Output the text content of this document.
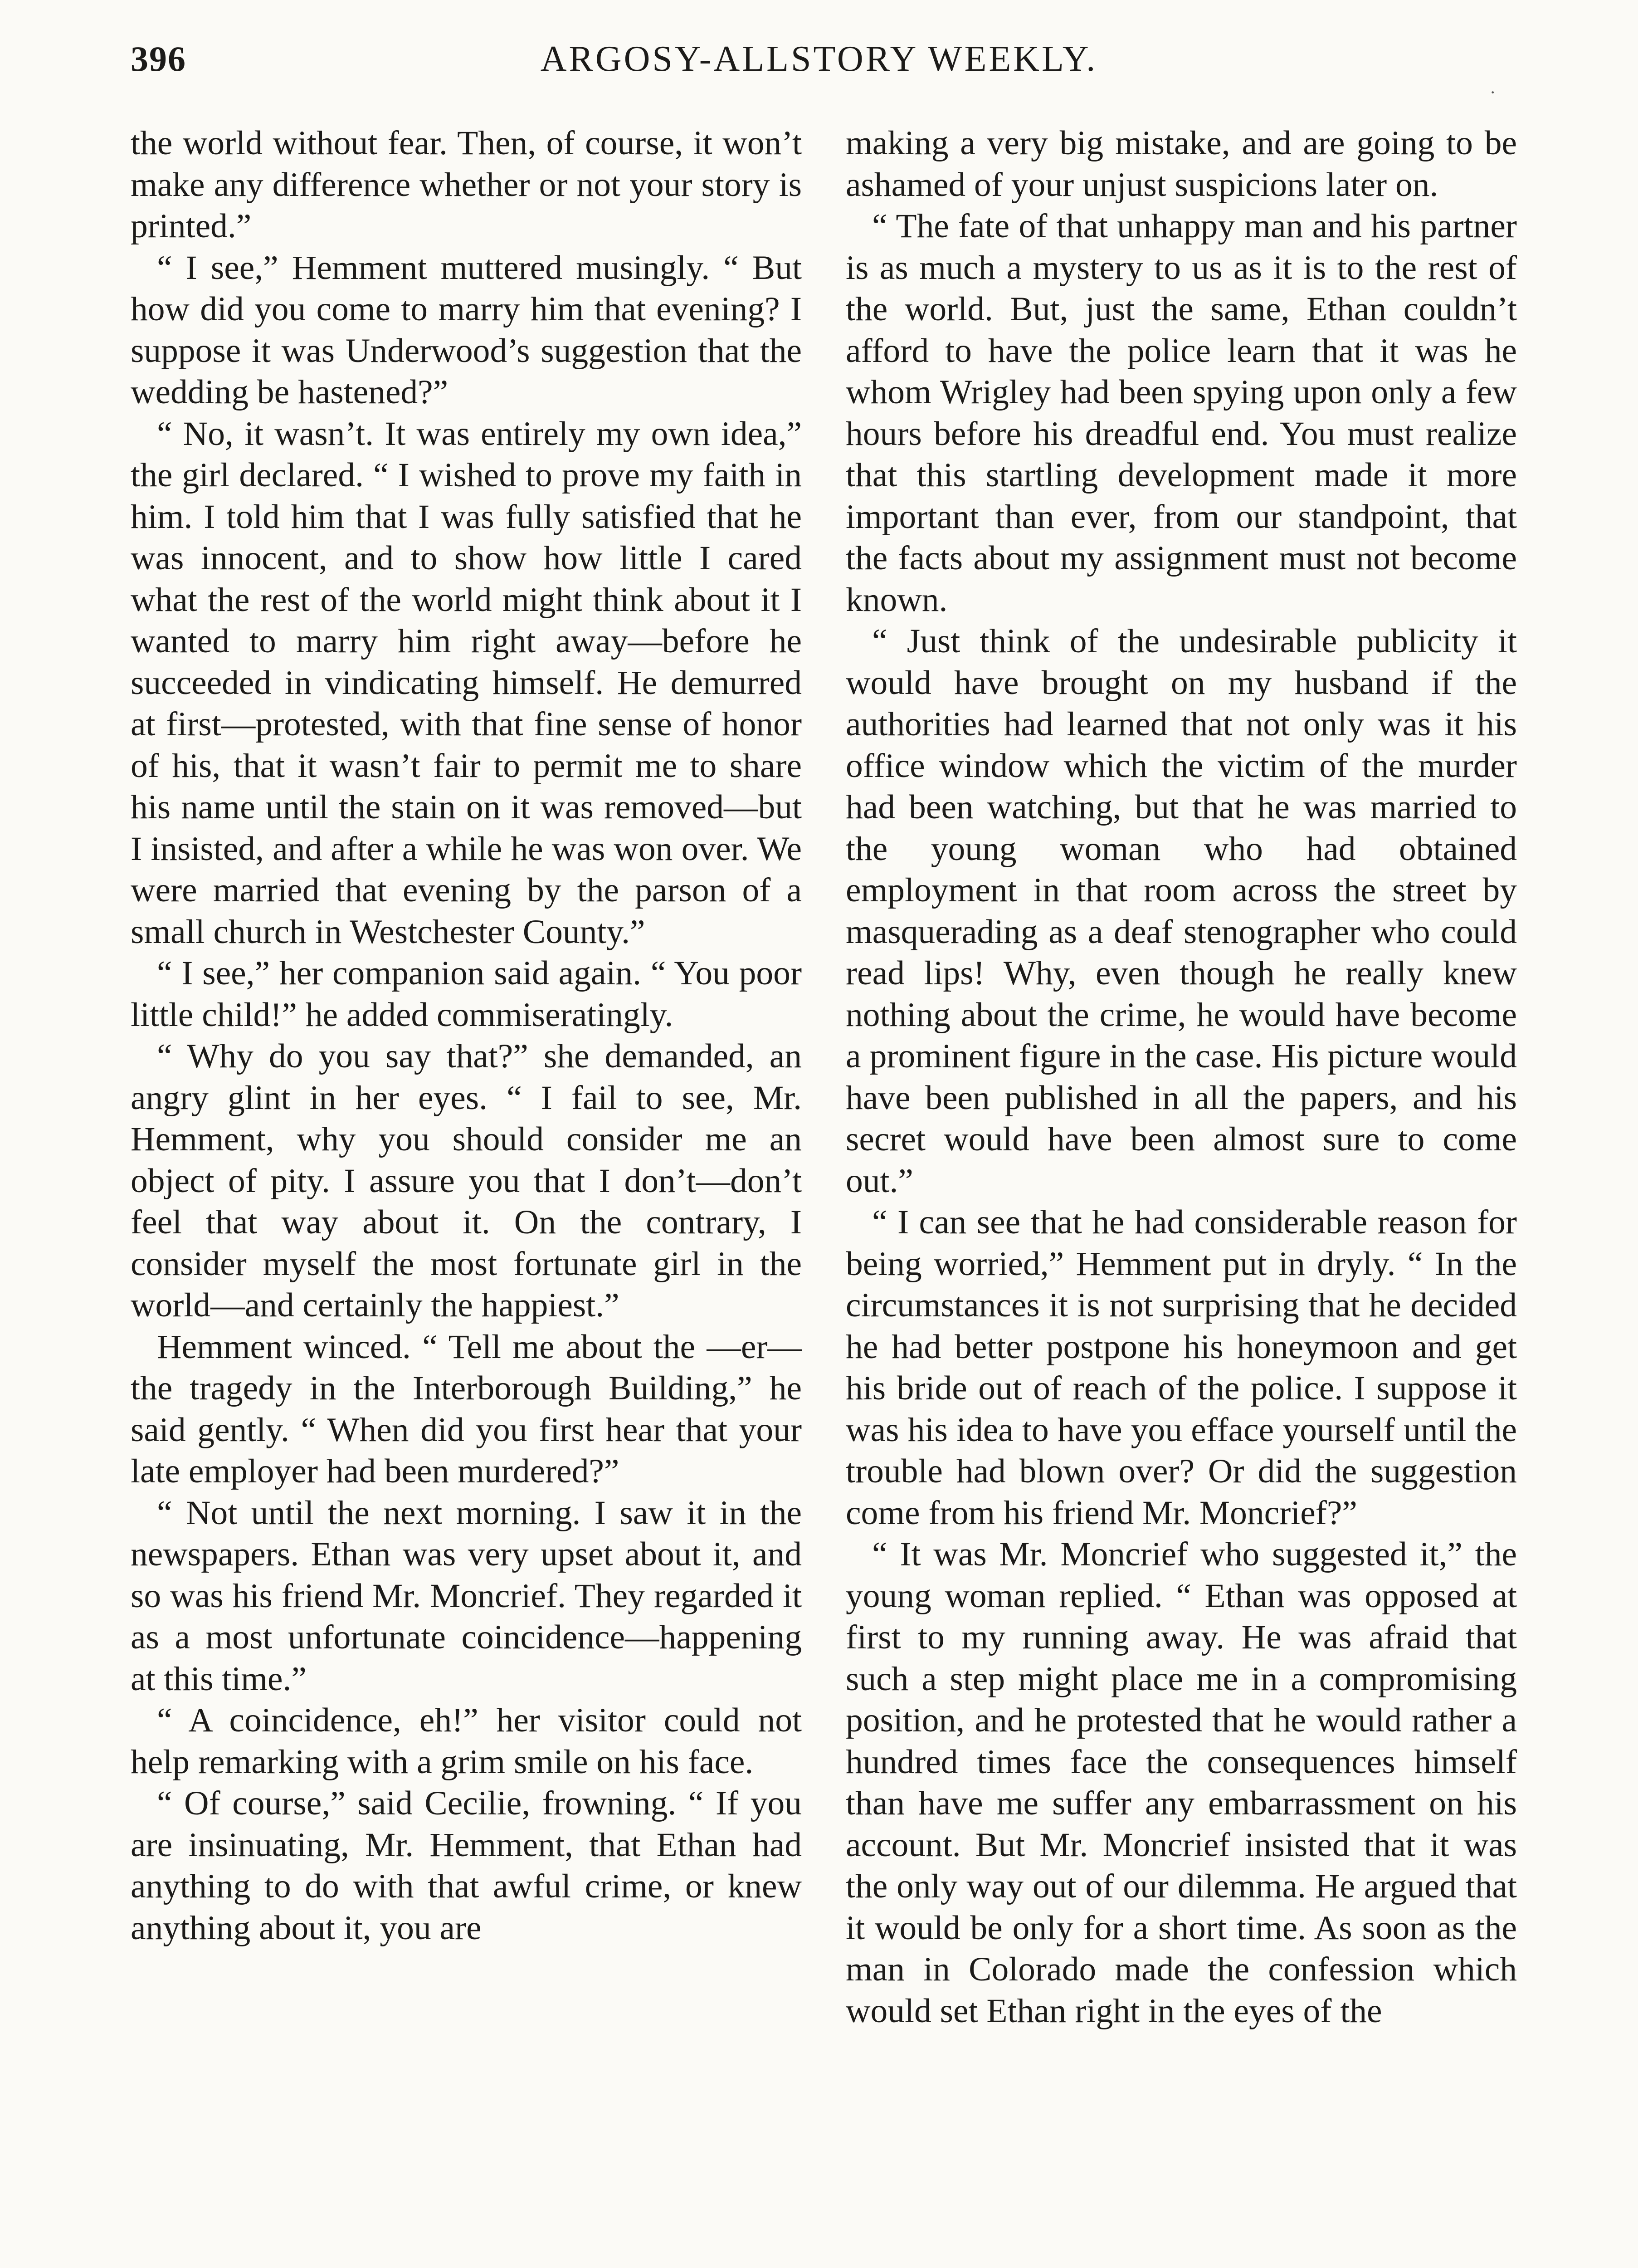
396	ARGOSY-ALLSTORY WEEKLY.
·

the world without fear. Then, of course, it won’t make any difference whether or not your story is printed.”

“ I see,” Hemment muttered musingly. “ But how did you come to marry him that evening? I suppose it was Underwood’s suggestion that the wedding be hastened?”

“ No, it wasn’t. It was entirely my own idea,” the girl declared. “ I wished to prove my faith in him. I told him that I was fully satisfied that he was innocent, and to show how little I cared what the rest of the world might think about it I wanted to marry him right away—before he succeeded in vindicating himself. He demurred at first—protested, with that fine sense of honor of his, that it wasn’t fair to permit me to share his name until the stain on it was removed—but I insisted, and after a while he was won over. We were married that evening by the parson of a small church in Westchester County.”

“ I see,” her companion said again. “ You poor little child!” he added commiseratingly.

“ Why do you say that?” she demanded, an angry glint in her eyes. “ I fail to see, Mr. Hemment, why you should consider me an object of pity. I assure you that I don’t—don’t feel that way about it. On the contrary, I consider myself the most fortunate girl in the world—and certainly the happiest.”

Hemment winced. “ Tell me about the —er—the tragedy in the Interborough Building,” he said gently. “ When did you first hear that your late employer had been murdered?”

“ Not until the next morning. I saw it in the newspapers. Ethan was very upset about it, and so was his friend Mr. Moncrief. They regarded it as a most unfortunate coincidence—happening at this time.”

“ A coincidence, eh!” her visitor could not help remarking with a grim smile on his face.

“ Of course,” said Cecilie, frowning. “ If you are insinuating, Mr. Hemment, that Ethan had anything to do with that awful crime, or knew anything about it, you are

making a very big mistake, and are going to be ashamed of your unjust suspicions later on.

“ The fate of that unhappy man and his partner is as much a mystery to us as it is to the rest of the world. But, just the same, Ethan couldn’t afford to have the police learn that it was he whom Wrigley had been spying upon only a few hours before his dreadful end. You must realize that this startling development made it more important than ever, from our standpoint, that the facts about my assignment must not become known.

“ Just think of the undesirable publicity it would have brought on my husband if the authorities had learned that not only was it his office window which the victim of the murder had been watching, but that he was married to the young woman who had obtained employment in that room across the street by masquerading as a deaf stenographer who could read lips! Why, even though he really knew nothing about the crime, he would have become a prominent figure in the case. His picture would have been published in all the papers, and his secret would have been almost sure to come out.”

“ I can see that he had considerable reason for being worried,” Hemment put in dryly. “ In the circumstances it is not surprising that he decided he had better postpone his honeymoon and get his bride out of reach of the police. I suppose it was his idea to have you efface yourself until the trouble had blown over? Or did the suggestion come from his friend Mr. Moncrief?”

“ It was Mr. Moncrief who suggested it,” the young woman replied. “ Ethan was opposed at first to my running away. He was afraid that such a step might place me in a compromising position, and he protested that he would rather a hundred times face the consequences himself than have me suffer any embarrassment on his account. But Mr. Moncrief insisted that it was the only way out of our dilemma. He argued that it would be only for a short time. As soon as the man in Colorado made the confession which would set Ethan right in the eyes of the
